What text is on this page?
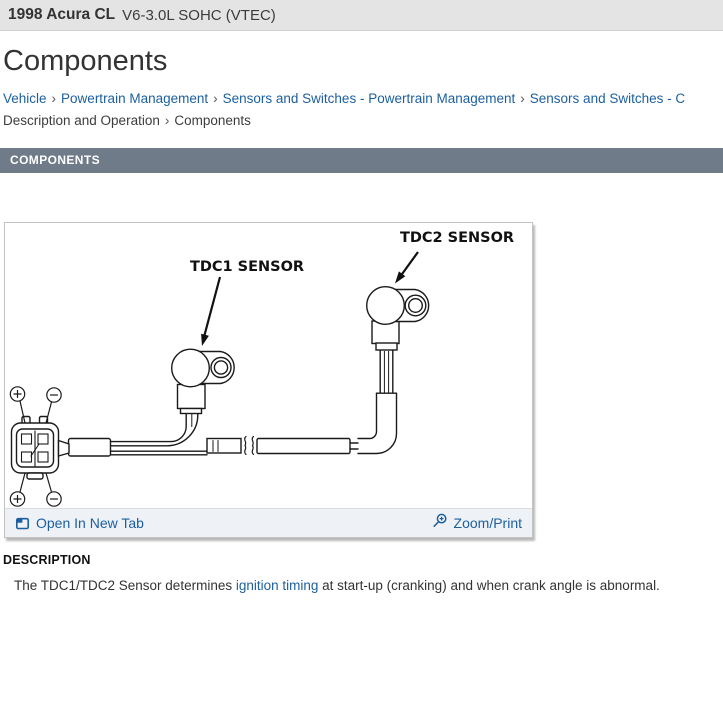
1998 Acura CL V6-3.0L SOHC (VTEC)
Components
Vehicle › Powertrain Management › Sensors and Switches - Powertrain Management › Sensors and Switches - C
Description and Operation › Components
COMPONENTS
TDC1 SENSOR
TDC2 SENSOR
Open In New Tab	Zoom/Print
DESCRIPTION

The TDC1/TDC2 Sensor determines ignition timing at start-up (cranking) and when crank angle is abnormal.
